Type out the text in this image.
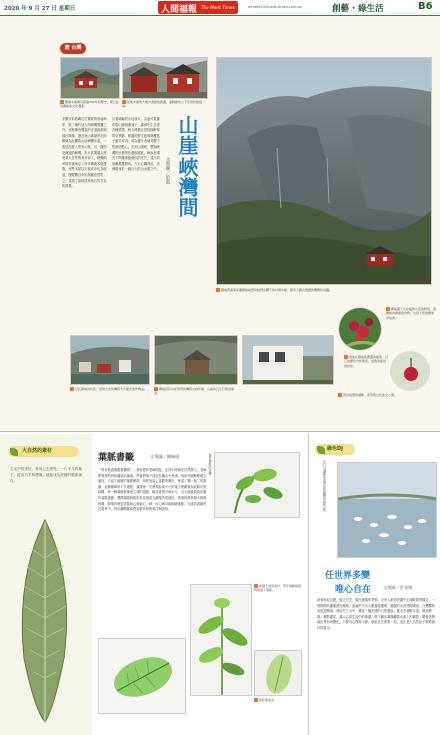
2020 年 9 月 27 日 星期日	人間福報 The Merit Times	mmerit100merit-times.com.tw	創藝 · 綠生活	B6
遊 台灣
挪威木屋擁有超過300年的歷史，現已成為挪威的文化遺產。
從航木屋的方塊外清澈的碧湖，遠眺綠色山下花田和最後一海。
山崖
峽灣間
文與圖／哈藍
多樂多彩島嶼位於挪威的西南海岸，除了擁有迷人的峽灣景觀之外，這裡擁有豐富的步道資源和健行路線，最近登山客最常走的路線為壯觀的山崖峽灣步道，一邊是高聳入雲的山壁，另一邊則是深邃的峽灣，步行其間讓人感受到大自然的鬼斧神工。峽灣兩旁的村落保存了許多傳統木屋建築，這些木屋以石板或草皮為屋頂，歷經數百年的風霜依然屹立，見證了當地居民與自然共存的智慧。
沿著崎嶇的山徑前行，沿途可見瀑布從山壁傾瀉而下，森林中生長著各種漿果，秋天時節正是採摘野莓的好季節，路邊的野生藍莓與覆盆子隨手可得，成為健行者補充體力的最佳點心。走到山頂時，整個峽灣的壯麗景色盡收眼底，海水在陽光下閃耀著藍綠色的光芒，遠方的島嶼星羅棋布，令人心曠神怡，彷彿置身於一幅巨大的山水畫之中。
挪威西南海岸邊挪威峽灣旁較們山腳下的吋樹木屋，屋旁人數山群護的鐵樹和雨露。
挪威露天生存植物小徑的野莓，逐漸就為健康的食物，也是天然的維他命來源。
散佈在挪威峽灣邊的葡萄，以它的顏色告知熟度，成熟的能找到好吃。
位於挪威的村莊，使用古老的傳統方式保存農作物品。	挪威居民仍在利用的傳統山林木屋，山區和石片打進的屋頂。	低於峽灣的湖畔，使用的白色漁夫小屋。
大自然的素材
生活中的美好，常用心去感受。一片平凡的葉子，經由巧手與想像，就能成為美麗的藝術創作。
葉脈書籤	文與圖／陳佩瑜
「時有做過葉脈書籤嗎？」我曾經的老師問起，記得小時候在自然課上，老師帶領我們到校園撿拾落葉，然後將葉子浸泡在鹼水中煮沸，再用牙刷輕輕刷去葉肉，只留下細緻的葉脈網絡，晾乾後染上喜歡的顏色，就成了獨一無二的書籤。這個簡單的手作過程，讓我第一次發現原來平凡的葉子裡藏著如此精巧的結構，每一條葉脈都像是生命的道路，輸送著養分與水分。長大後重新嘗試製作葉脈書籤，選擇葉脈較粗的桂花葉或玉蘭葉效果最好，煮葉時要掌握火候與時間，刷葉肉時更需要耐心與細心，稍一用力就可能刷破葉脈。完成的書籤夾在書頁中，每次翻閱都能想起製作時的專注與喜悅。
製作葉脈的步驟
將葉子浸泡煮好，用牙刷輕刷葉肉後留下葉脈。
晾乾後成品
綠色DJ
在日月潭國家風景區拍攝的鳥類生態
任世界多變
唯心自在	文與圖／洪金鳳
趁著風和日麗，藍天白雲，陽光灑落的季節，全家人來到美濃中正湖畔賞景健走，一望無際的湖面波光粼粼，遠處的中央山脈層巒疊翠，湖邊的水鳥悠閒覓食，白鷺鷥時而展翅飛翔，時而佇立水中，構成一幅美麗的自然畫面。健走在湖畔步道，微風輕拂，樹影婆娑，讓人忘卻生活中的煩憂。停下腳步靜靜觀賞水面上的倒影，體會到無論世界如何變化，只要內心保持平靜，就能自在面對一切，這正是大自然給予我們最好的啟示。
